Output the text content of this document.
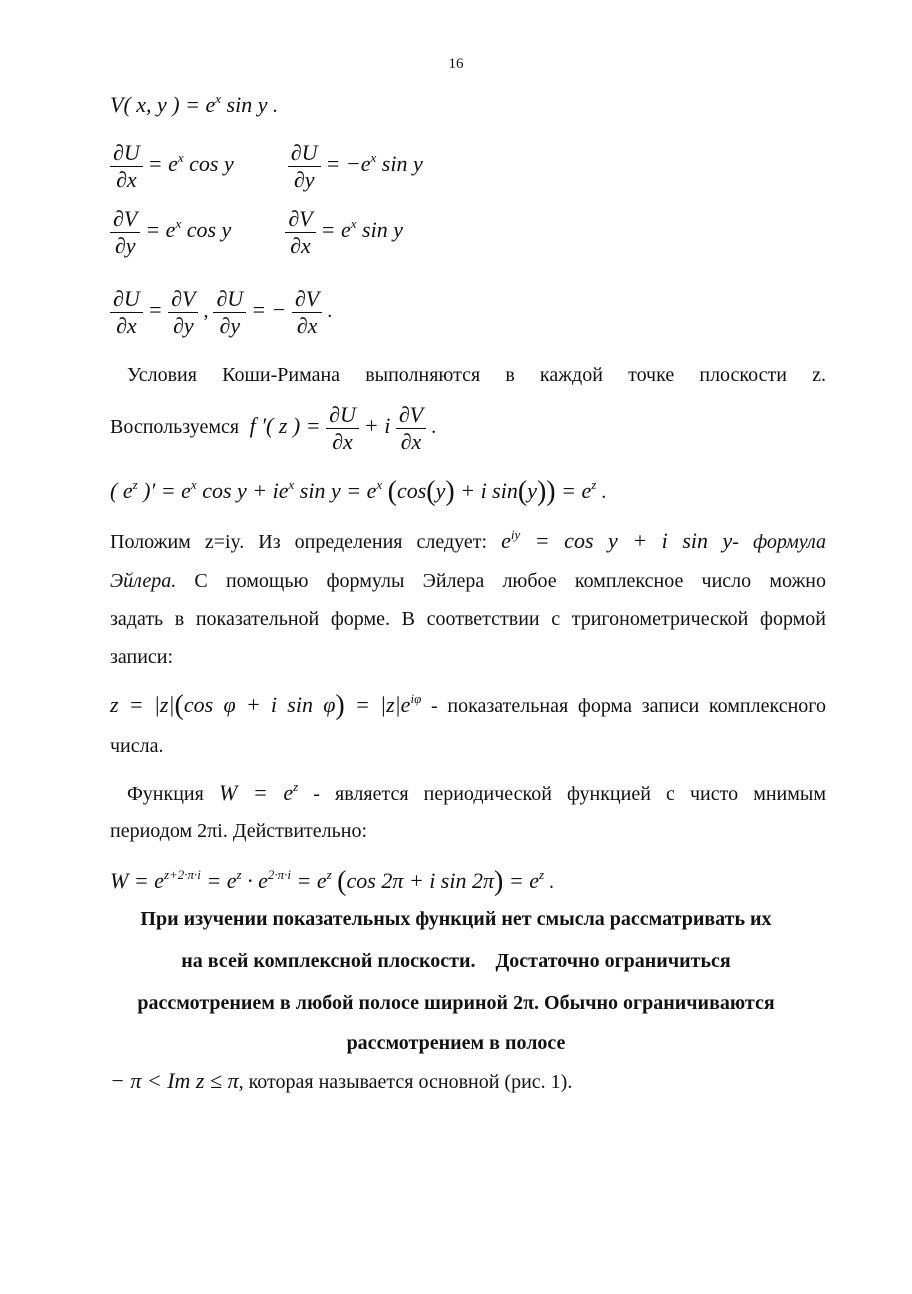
16
V( x, y ) = $e^x$ sin y .
$\frac{\partial U}{\partial x} = e^x$ cos y $\frac{\partial U}{\partial y} = -e^x$ sin y
$\frac{\partial V}{\partial y} = e^x$ cos y $\frac{\partial V}{\partial x} = e^x$ sin y
$\frac{\partial U}{\partial x} = \frac{\partial V}{\partial y}$ , $\frac{\partial U}{\partial y}$ = − $\frac{\partial V}{\partial x}$ .
Условия Коши-Римана выполняются в каждой точке плоскости z.
Воспользуемся  f ′( z ) = $\frac{\partial U}{\partial x} + i \frac{\partial V}{\partial x}$ .
( $e^z$ )′ = $e^x$ $\cos y + ie^x$ $\sin y = e^x$ (cos(y) + i $\sin(y)) = e^z$ .
Положим z=iy. Из определения следует: $e^{iy} = \cos y + i$ sin y- формула
Эйлера. С помощью формулы Эйлера любое комплексное число можно
задать в показательной форме. В соответствии с тригонометрической формой
записи:
z = |z|(cos φ + i $\sin \varphi) = |z|e^{i\varphi}$ - показательная форма записи комплексного
числа.
Функция $W = e^z$ - является периодической функцией с чисто мнимым
периодом 2πi. Действительно:
$W = e^{z+2\cdot\pi\cdot i} = e^z \cdot e^{2\cdot\pi\cdot i} = e^z$ (cos 2π + i $\sin 2\pi) = e^z$ .
При изучении показательных функций нет смысла рассматривать их
на всей комплексной плоскости.    Достаточно ограничиться
рассмотрением в любой полосе шириной 2π. Обычно ограничиваются
рассмотрением в полосе
− π < Im z ≤ π, которая называется основной (рис. 1).
